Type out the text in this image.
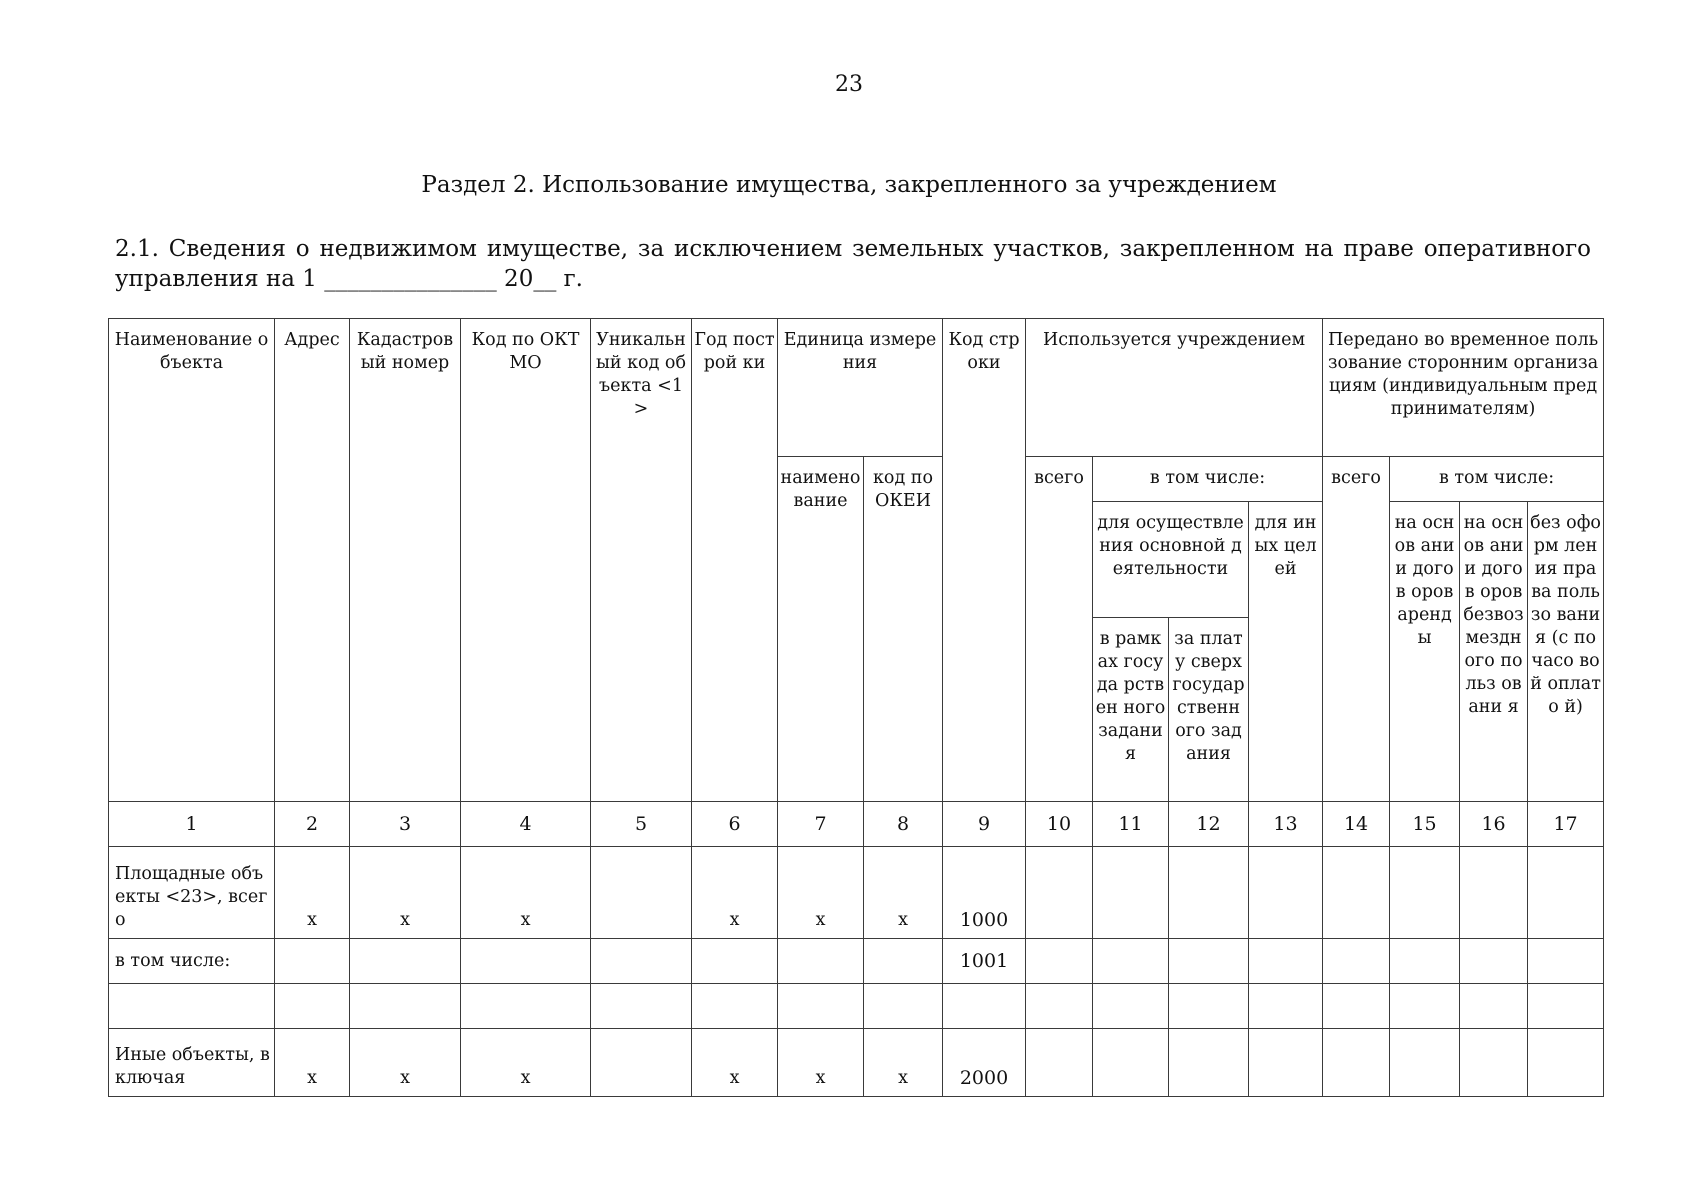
23
Раздел 2. Использование имущества, закрепленного за учреждением
2.1. Сведения о недвижимом имуществе, за исключением земельных участков, закрепленном на праве оперативного управления на 1 _______________ 20__ г.
Наименование объекта	Адрес	Кадастров ый номер	Код по ОКТМО	Уникальн ый код объекта <1>	Год построй ки	Единица измерения		Код строки	Используется учреждением				Передано во временное пользование сторонним организациям (индивидуальным предпринимателям)			
						наимено вание	код по ОКЕИ		всего	в том числе:			всего	в том числе:		
										для осуществления основной деятельности		для иных целей		на основ ании догов оров аренд ы	на основ ании догов оров безвоз мездн ого польз овани я	без оформ ления права пользо вания (с почасо вой оплато й)
										в рамках госуда рствен ного задани я	за плату сверх государ ственн ого задания					
1	2	3	4	5	6	7	8	9	10	11	12	13	14	15	16	17
Площадные объекты <23>, всего	x	x	x		x	x	x	1000								
в том числе:								1001								

Иные объекты, включая	x	x	x		x	x	x	2000								
